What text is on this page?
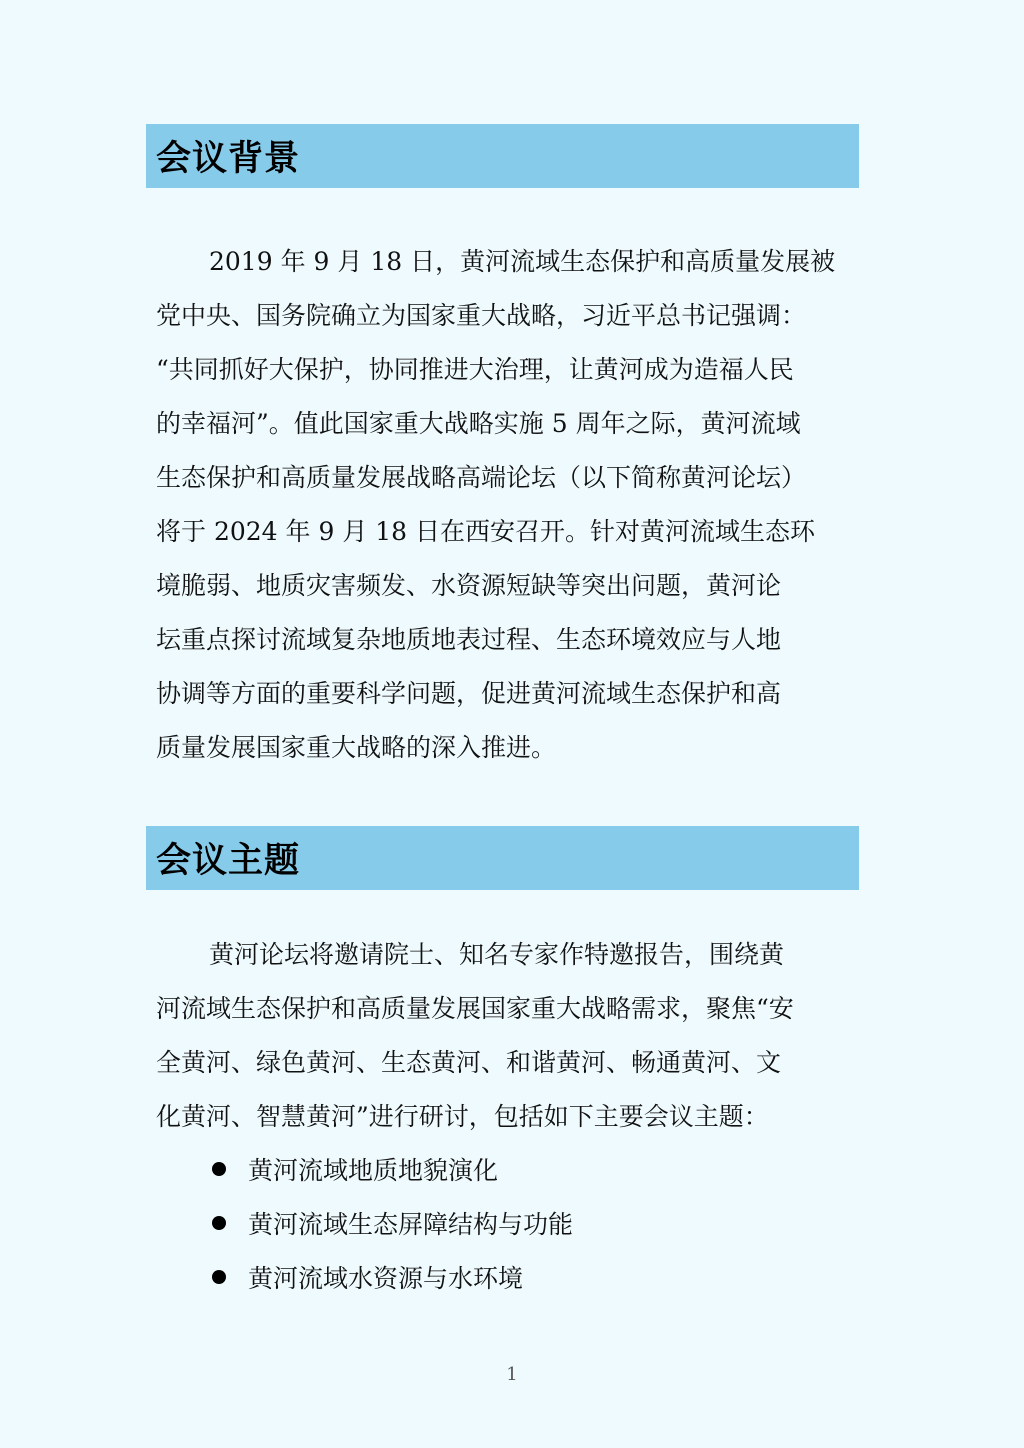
会议背景

2019 年 9 月 18 日，黄河流域生态保护和高质量发展被
党中央、国务院确立为国家重大战略，习近平总书记强调：
“共同抓好大保护，协同推进大治理，让黄河成为造福人民
的幸福河”。值此国家重大战略实施 5 周年之际，黄河流域
生态保护和高质量发展战略高端论坛（以下简称黄河论坛）
将于 2024 年 9 月 18 日在西安召开。针对黄河流域生态环
境脆弱、地质灾害频发、水资源短缺等突出问题，黄河论
坛重点探讨流域复杂地质地表过程、生态环境效应与人地
协调等方面的重要科学问题，促进黄河流域生态保护和高
质量发展国家重大战略的深入推进。

会议主题

黄河论坛将邀请院士、知名专家作特邀报告，围绕黄
河流域生态保护和高质量发展国家重大战略需求，聚焦“安
全黄河、绿色黄河、生态黄河、和谐黄河、畅通黄河、文
化黄河、智慧黄河”进行研讨，包括如下主要会议主题：

黄河流域地质地貌演化
黄河流域生态屏障结构与功能
黄河流域水资源与水环境
1
